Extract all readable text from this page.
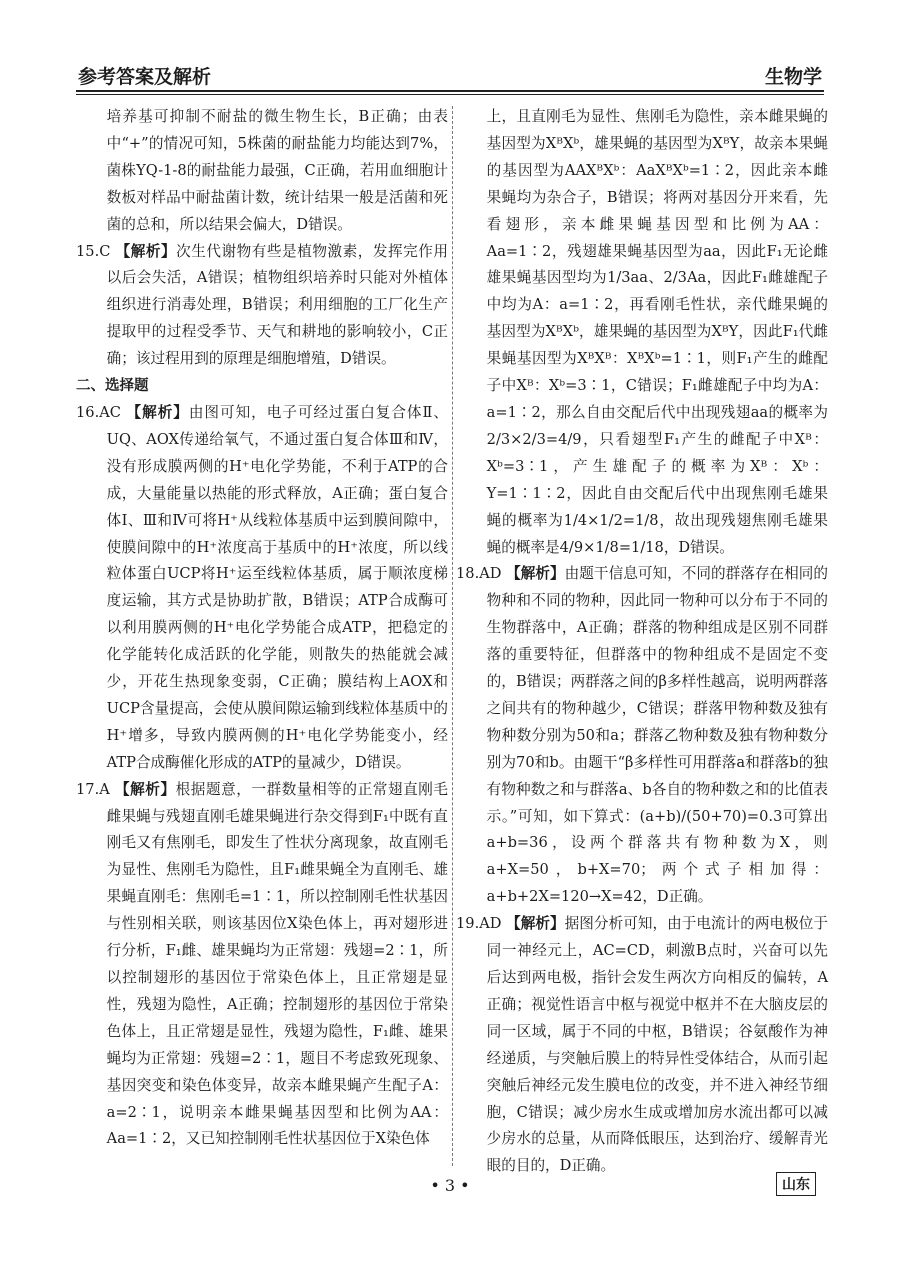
参考答案及解析	生物学

培养基可抑制不耐盐的微生物生长，B正确；由表中“+”的情况可知，5株菌的耐盐能力均能达到7%，菌株YQ-1-8的耐盐能力最强，C正确，若用血细胞计数板对样品中耐盐菌计数，统计结果一般是活菌和死菌的总和，所以结果会偏大，D错误。

15.C 【解析】次生代谢物有些是植物激素，发挥完作用以后会失活，A错误；植物组织培养时只能对外植体组织进行消毒处理，B错误；利用细胞的工厂化生产提取甲的过程受季节、天气和耕地的影响较小，C正确；该过程用到的原理是细胞增殖，D错误。

二、选择题

16.AC 【解析】由图可知，电子可经过蛋白复合体Ⅱ、UQ、AOX传递给氧气，不通过蛋白复合体Ⅲ和Ⅳ，没有形成膜两侧的H⁺电化学势能，不利于ATP的合成，大量能量以热能的形式释放，A正确；蛋白复合体Ⅰ、Ⅲ和Ⅳ可将H⁺从线粒体基质中运到膜间隙中，使膜间隙中的H⁺浓度高于基质中的H⁺浓度，所以线粒体蛋白UCP将H⁺运至线粒体基质，属于顺浓度梯度运输，其方式是协助扩散，B错误；ATP合成酶可以利用膜两侧的H⁺电化学势能合成ATP，把稳定的化学能转化成活跃的化学能，则散失的热能就会减少，开花生热现象变弱，C正确；膜结构上AOX和UCP含量提高，会使从膜间隙运输到线粒体基质中的H⁺增多，导致内膜两侧的H⁺电化学势能变小，经ATP合成酶催化形成的ATP的量减少，D错误。

17.A 【解析】根据题意，一群数量相等的正常翅直刚毛雌果蝇与残翅直刚毛雄果蝇进行杂交得到F₁中既有直刚毛又有焦刚毛，即发生了性状分离现象，故直刚毛为显性、焦刚毛为隐性，且F₁雌果蝇全为直刚毛、雄果蝇直刚毛：焦刚毛=1∶1，所以控制刚毛性状基因与性别相关联，则该基因位X染色体上，再对翅形进行分析，F₁雌、雄果蝇均为正常翅：残翅=2∶1，所以控制翅形的基因位于常染色体上，且正常翅是显性，残翅为隐性，A正确；控制翅形的基因位于常染色体上，且正常翅是显性，残翅为隐性，F₁雌、雄果蝇均为正常翅：残翅=2∶1，题目不考虑致死现象、基因突变和染色体变异，故亲本雌果蝇产生配子A：a=2∶1，说明亲本雌果蝇基因型和比例为AA：Aa=1∶2，又已知控制刚毛性状基因位于X染色体

上，且直刚毛为显性、焦刚毛为隐性，亲本雌果蝇的基因型为XᴮXᵇ，雄果蝇的基因型为XᴮY，故亲本果蝇的基因型为AAXᴮXᵇ：AaXᴮXᵇ=1∶2，因此亲本雌果蝇均为杂合子，B错误；将两对基因分开来看，先看翅形，亲本雌果蝇基因型和比例为AA：Aa=1∶2，残翅雄果蝇基因型为aa，因此F₁无论雌雄果蝇基因型均为1/3aa、2/3Aa，因此F₁雌雄配子中均为A：a=1∶2，再看刚毛性状，亲代雌果蝇的基因型为XᴮXᵇ，雄果蝇的基因型为XᴮY，因此F₁代雌果蝇基因型为XᴮXᴮ：XᴮXᵇ=1∶1，则F₁产生的雌配子中Xᴮ：Xᵇ=3∶1，C错误；F₁雌雄配子中均为A：a=1∶2，那么自由交配后代中出现残翅aa的概率为2/3×2/3=4/9，只看翅型F₁产生的雌配子中Xᴮ：Xᵇ=3∶1，产生雄配子的概率为Xᴮ：Xᵇ：Y=1∶1∶2，因此自由交配后代中出现焦刚毛雄果蝇的概率为1/4×1/2=1/8，故出现残翅焦刚毛雄果蝇的概率是4/9×1/8=1/18，D错误。

18.AD 【解析】由题干信息可知，不同的群落存在相同的物种和不同的物种，因此同一物种可以分布于不同的生物群落中，A正确；群落的物种组成是区别不同群落的重要特征，但群落中的物种组成不是固定不变的，B错误；两群落之间的β多样性越高，说明两群落之间共有的物种越少，C错误；群落甲物种数及独有物种数分别为50和a；群落乙物种数及独有物种数分别为70和b。由题干“β多样性可用群落a和群落b的独有物种数之和与群落a、b各自的物种数之和的比值表示。”可知，如下算式：(a+b)/(50+70)=0.3可算出a+b=36，设两个群落共有物种数为X，则a+X=50，b+X=70；两个式子相加得：a+b+2X=120→X=42，D正确。

19.AD 【解析】据图分析可知，由于电流计的两电极位于同一神经元上，AC=CD，刺激B点时，兴奋可以先后达到两电极，指针会发生两次方向相反的偏转，A正确；视觉性语言中枢与视觉中枢并不在大脑皮层的同一区域，属于不同的中枢，B错误；谷氨酸作为神经递质，与突触后膜上的特异性受体结合，从而引起突触后神经元发生膜电位的改变，并不进入神经节细胞，C错误；减少房水生成或增加房水流出都可以减少房水的总量，从而降低眼压，达到治疗、缓解青光眼的目的，D正确。

• 3 •	山东
